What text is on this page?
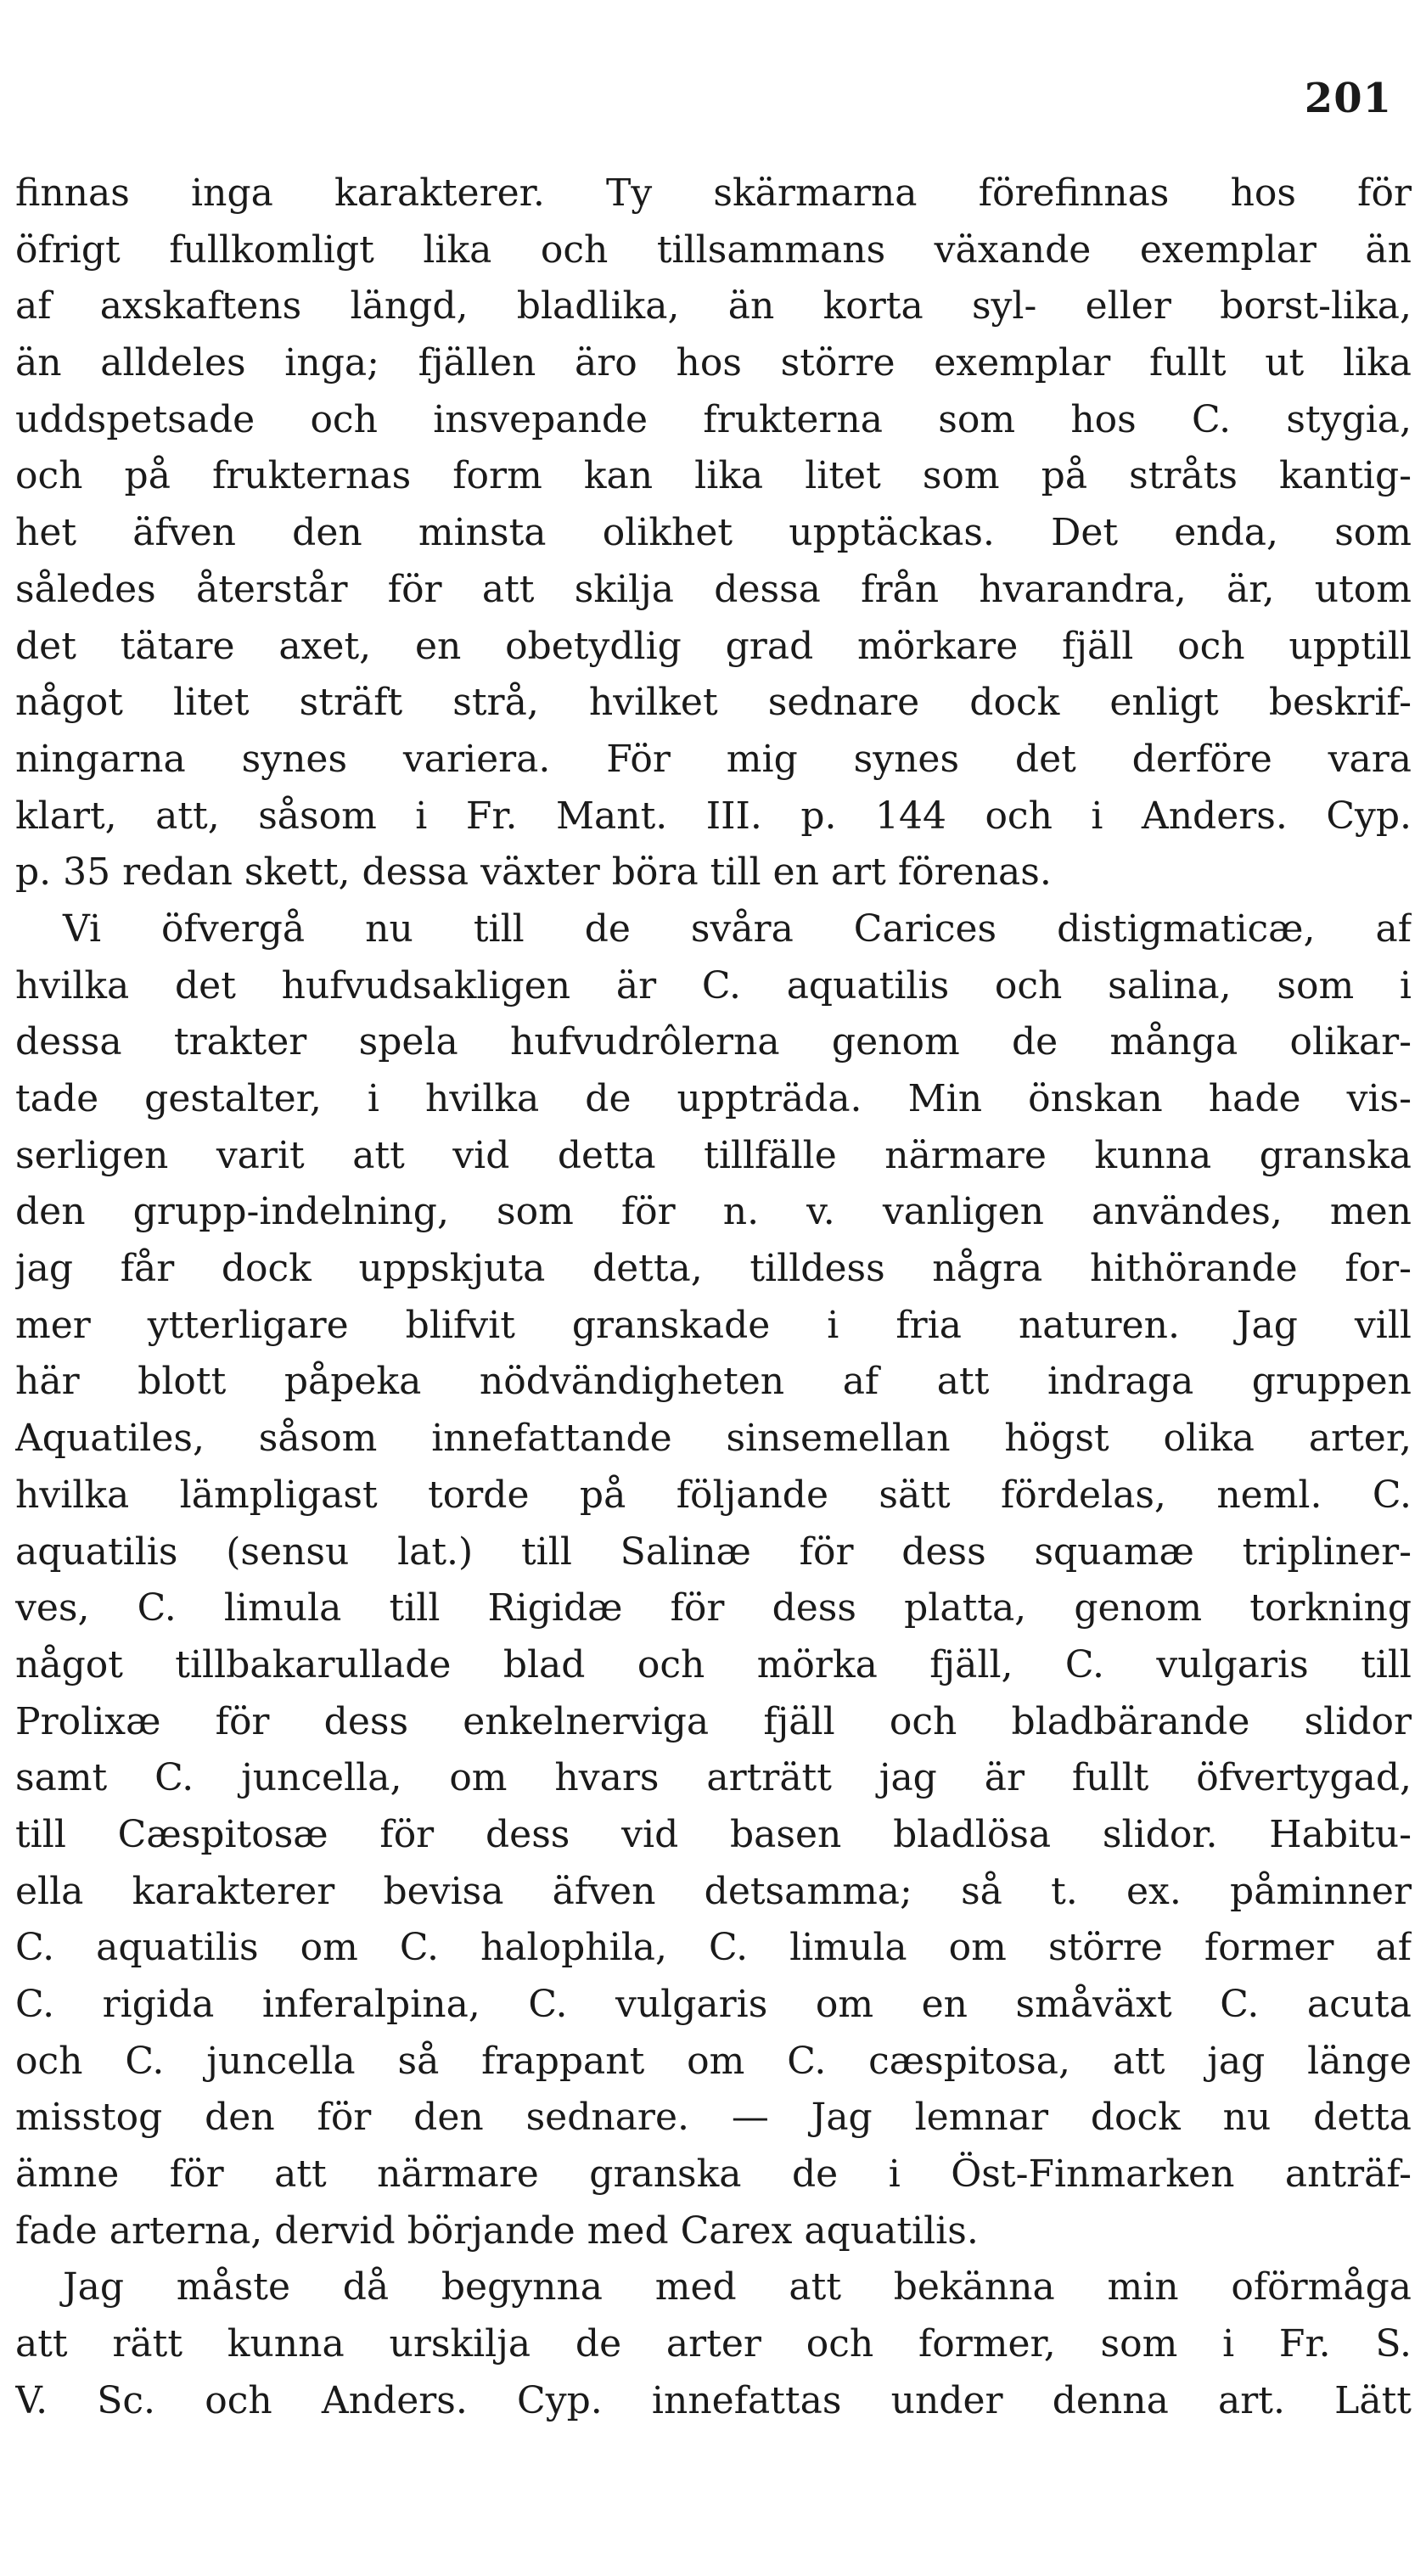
201
finnas inga karakterer. Ty skärmarna förefinnas hos för
öfrigt fullkomligt lika och tillsammans växande exemplar än
af axskaftens längd, bladlika, än korta syl- eller borst-lika,
än alldeles inga; fjällen äro hos större exemplar fullt ut lika
uddspetsade och insvepande frukterna som hos C. stygia,
och på frukternas form kan lika litet som på stråts kantig-
het äfven den minsta olikhet upptäckas. Det enda, som
således återstår för att skilja dessa från hvarandra, är, utom
det tätare axet, en obetydlig grad mörkare fjäll och upptill
något litet sträft strå, hvilket sednare dock enligt beskrif-
ningarna synes variera. För mig synes det derföre vara
klart, att, såsom i Fr. Mant. III. p. 144 och i Anders. Cyp.
p. 35 redan skett, dessa växter böra till en art förenas.
Vi öfvergå nu till de svåra Carices distigmaticæ, af
hvilka det hufvudsakligen är C. aquatilis och salina, som i
dessa trakter spela hufvudrôlerna genom de många olikar-
tade gestalter, i hvilka de uppträda. Min önskan hade vis-
serligen varit att vid detta tillfälle närmare kunna granska
den grupp-indelning, som för n. v. vanligen användes, men
jag får dock uppskjuta detta, tilldess några hithörande for-
mer ytterligare blifvit granskade i fria naturen. Jag vill
här blott påpeka nödvändigheten af att indraga gruppen
Aquatiles, såsom innefattande sinsemellan högst olika arter,
hvilka lämpligast torde på följande sätt fördelas, neml. C.
aquatilis (sensu lat.) till Salinæ för dess squamæ tripliner-
ves, C. limula till Rigidæ för dess platta, genom torkning
något tillbakarullade blad och mörka fjäll, C. vulgaris till
Prolixæ för dess enkelnerviga fjäll och bladbärande slidor
samt C. juncella, om hvars arträtt jag är fullt öfvertygad,
till Cæspitosæ för dess vid basen bladlösa slidor. Habitu-
ella karakterer bevisa äfven detsamma; så t. ex. påminner
C. aquatilis om C. halophila, C. limula om större former af
C. rigida inferalpina, C. vulgaris om en småväxt C. acuta
och C. juncella så frappant om C. cæspitosa, att jag länge
misstog den för den sednare. — Jag lemnar dock nu detta
ämne för att närmare granska de i Öst-Finmarken anträf-
fade arterna, dervid börjande med Carex aquatilis.
Jag måste då begynna med att bekänna min oförmåga
att rätt kunna urskilja de arter och former, som i Fr. S.
V. Sc. och Anders. Cyp. innefattas under denna art. Lätt
